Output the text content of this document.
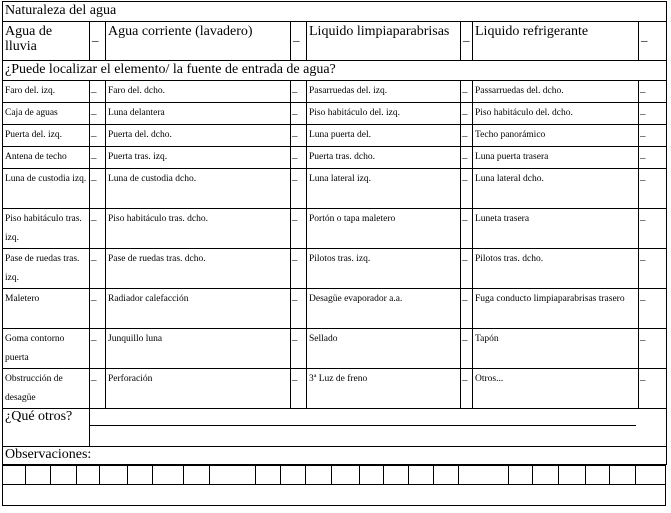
Naturaleza del agua							
Agua de lluvia	_	Agua corriente (lavadero)	_	Liquido limpiaparabrisas	_	Liquido refrigerante	_
¿Puede localizar el elemento/ la fuente de entrada de agua?							
Faro del. izq.	_	Faro del. dcho.	_	Pasarruedas del. izq.	_	Passarruedas del. dcho.	_
Caja de aguas	_	Luna delantera	_	Piso habitáculo del. izq.	_	Piso habitáculo del. dcho.	_
Puerta del. izq.	_	Puerta del. dcho.	_	Luna puerta del.	_	Techo panorámico	_
Antena de techo	_	Puerta tras. izq.	_	Puerta tras. dcho.	_	Luna puerta trasera	_
Luna de custodia izq.	_	Luna de custodia dcho.	_	Luna lateral izq.	_	Luna lateral dcho.	_
Piso habitáculo tras. izq.	_	Piso habitáculo tras. dcho.	_	Portón o tapa maletero	_	Luneta trasera	_
Pase de ruedas tras. izq.	_	Pase de ruedas tras. dcho.	_	Pilotos tras. izq.	_	Pilotos tras. dcho.	_
Maletero	_	Radiador calefacción	_	Desagüe evaporador a.a.	_	Fuga conducto limpiaparabrisas trasero	_
Goma contorno puerta	_	Junquillo luna	_	Sellado	_	Tapón	_
Obstrucción de desagüe	_	Perforación	_	3ª Luz de freno	_	Otros...	_
¿Qué otros?							

Observaciones:							
